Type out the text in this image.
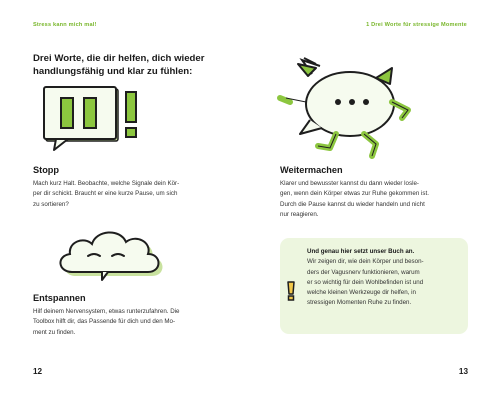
Stress kann mich mal!	1 Drei Worte für stressige Momente
Drei Worte, die dir helfen, dich wieder handlungsfähig und klar zu fühlen:
Stopp
Mach kurz Halt. Beobachte, welche Signale dein Kör-
per dir schickt. Braucht er eine kurze Pause, um sich
zu sortieren?
Weitermachen
Klarer und bewusster kannst du dann wieder losle-
gen, wenn dein Körper etwas zur Ruhe gekommen ist.
Durch die Pause kannst du wieder handeln und nicht
nur reagieren.
Entspannen
Hilf deinem Nervensystem, etwas runterzufahren. Die
Toolbox hilft dir, das Passende für dich und den Mo-
ment zu finden.
Und genau hier setzt unser Buch an.
Wir zeigen dir, wie dein Körper und beson-
ders der Vagusnerv funktionieren, warum
er so wichtig für dein Wohlbefinden ist und
welche kleinen Werkzeuge dir helfen, in
stressigen Momenten Ruhe zu finden.
12	13
